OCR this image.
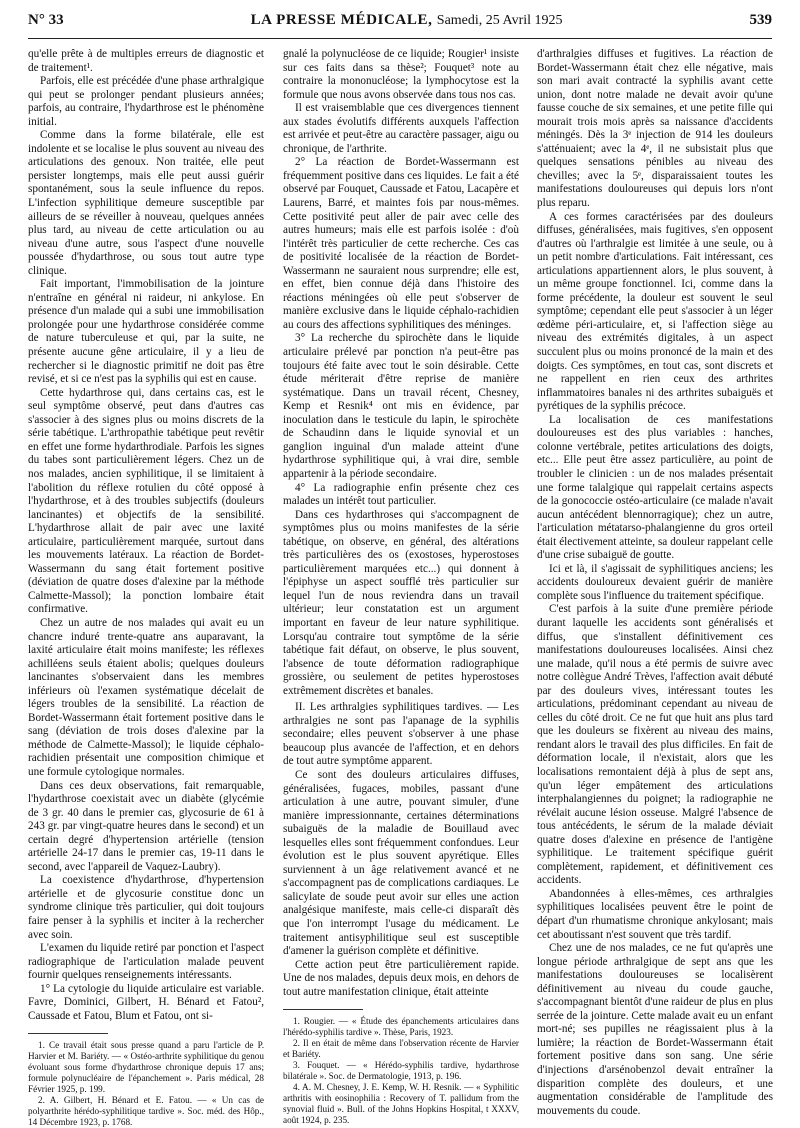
N° 33	LA PRESSE MÉDICALE, Samedi, 25 Avril 1925	539

qu'elle prête à de multiples erreurs de diagnostic et de traitement¹.

Parfois, elle est précédée d'une phase arthralgique qui peut se prolonger pendant plusieurs années; parfois, au contraire, l'hydarthrose est le phénomène initial.

Comme dans la forme bilatérale, elle est indolente et se localise le plus souvent au niveau des articulations des genoux. Non traitée, elle peut persister longtemps, mais elle peut aussi guérir spontanément, sous la seule influence du repos. L'infection syphilitique demeure susceptible par ailleurs de se réveiller à nouveau, quelques années plus tard, au niveau de cette articulation ou au niveau d'une autre, sous l'aspect d'une nouvelle poussée d'hydarthrose, ou sous tout autre type clinique.

Fait important, l'immobilisation de la jointure n'entraîne en général ni raideur, ni ankylose. En présence d'un malade qui a subi une immobilisation prolongée pour une hydarthrose considérée comme de nature tuberculeuse et qui, par la suite, ne présente aucune gêne articulaire, il y a lieu de rechercher si le diagnostic primitif ne doit pas être revisé, et si ce n'est pas la syphilis qui est en cause.

Cette hydarthrose qui, dans certains cas, est le seul symptôme observé, peut dans d'autres cas s'associer à des signes plus ou moins discrets de la série tabétique. L'arthropathie tabétique peut revêtir en effet une forme hydarthrodiale. Parfois les signes du tabes sont particulièrement légers. Chez un de nos malades, ancien syphilitique, il se limitaient à l'abolition du réflexe rotulien du côté opposé à l'hydarthrose, et à des troubles subjectifs (douleurs lancinantes) et objectifs de la sensibilité. L'hydarthrose allait de pair avec une laxité articulaire, particulièrement marquée, surtout dans les mouvements latéraux. La réaction de Bordet-Wassermann du sang était fortement positive (déviation de quatre doses d'alexine par la méthode Calmette-Massol); la ponction lombaire était confirmative.

Chez un autre de nos malades qui avait eu un chancre induré trente-quatre ans auparavant, la laxité articulaire était moins manifeste; les réflexes achilléens seuls étaient abolis; quelques douleurs lancinantes s'observaient dans les membres inférieurs où l'examen systématique décelait de légers troubles de la sensibilité. La réaction de Bordet-Wassermann était fortement positive dans le sang (déviation de trois doses d'alexine par la méthode de Calmette-Massol); le liquide céphalo-rachidien présentait une composition chimique et une formule cytologique normales.

Dans ces deux observations, fait remarquable, l'hydarthrose coexistait avec un diabète (glycémie de 3 gr. 40 dans le premier cas, glycosurie de 61 à 243 gr. par vingt-quatre heures dans le second) et un certain degré d'hypertension artérielle (tension artérielle 24-17 dans le premier cas, 19-11 dans le second, avec l'appareil de Vaquez-Laubry).

La coexistence d'hydarthrose, d'hypertension artérielle et de glycosurie constitue donc un syndrome clinique très particulier, qui doit toujours faire penser à la syphilis et inciter à la rechercher avec soin.

L'examen du liquide retiré par ponction et l'aspect radiographique de l'articulation malade peuvent fournir quelques renseignements intéressants.

1° La cytologie du liquide articulaire est variable. Favre, Dominici, Gilbert, H. Bénard et Fatou², Caussade et Fatou, Blum et Fatou, ont si-

1. Ce travail était sous presse quand a paru l'article de P. Harvier et M. Bariéty. — « Ostéo-arthrite syphilitique du genou évoluant sous forme d'hydarthrose chronique depuis 17 ans; formule polynucléaire de l'épanchement ». Paris médical, 28 Février 1925, p. 199.

2. A. Gilbert, H. Bénard et E. Fatou. — « Un cas de polyarthrite hérédo-syphilitique tardive ». Soc. méd. des Hôp., 14 Décembre 1923, p. 1768.

gnalé la polynucléose de ce liquide; Rougier¹ insiste sur ces faits dans sa thèse²; Fouquet³ note au contraire la mononucléose; la lymphocytose est la formule que nous avons observée dans tous nos cas.

Il est vraisemblable que ces divergences tiennent aux stades évolutifs différents auxquels l'affection est arrivée et peut-être au caractère passager, aigu ou chronique, de l'arthrite.

2° La réaction de Bordet-Wassermann est fréquemment positive dans ces liquides. Le fait a été observé par Fouquet, Caussade et Fatou, Lacapère et Laurens, Barré, et maintes fois par nous-mêmes. Cette positivité peut aller de pair avec celle des autres humeurs; mais elle est parfois isolée : d'où l'intérêt très particulier de cette recherche. Ces cas de positivité localisée de la réaction de Bordet-Wassermann ne sauraient nous surprendre; elle est, en effet, bien connue déjà dans l'histoire des réactions méningées où elle peut s'observer de manière exclusive dans le liquide céphalo-rachidien au cours des affections syphilitiques des méninges.

3° La recherche du spirochète dans le liquide articulaire prélevé par ponction n'a peut-être pas toujours été faite avec tout le soin désirable. Cette étude mériterait d'être reprise de manière systématique. Dans un travail récent, Chesney, Kemp et Resnik⁴ ont mis en évidence, par inoculation dans le testicule du lapin, le spirochète de Schaudinn dans le liquide synovial et un ganglion inguinal d'un malade atteint d'une hydarthrose syphilitique qui, à vrai dire, semble appartenir à la période secondaire.

4° La radiographie enfin présente chez ces malades un intérêt tout particulier.

Dans ces hydarthroses qui s'accompagnent de symptômes plus ou moins manifestes de la série tabétique, on observe, en général, des altérations très particulières des os (exostoses, hyperostoses particulièrement marquées etc...) qui donnent à l'épiphyse un aspect soufflé très particulier sur lequel l'un de nous reviendra dans un travail ultérieur; leur constatation est un argument important en faveur de leur nature syphilitique. Lorsqu'au contraire tout symptôme de la série tabétique fait défaut, on observe, le plus souvent, l'absence de toute déformation radiographique grossière, ou seulement de petites hyperostoses extrêmement discrètes et banales.

II. Les arthralgies syphilitiques tardives. — Les arthralgies ne sont pas l'apanage de la syphilis secondaire; elles peuvent s'observer à une phase beaucoup plus avancée de l'affection, et en dehors de tout autre symptôme apparent.

Ce sont des douleurs articulaires diffuses, généralisées, fugaces, mobiles, passant d'une articulation à une autre, pouvant simuler, d'une manière impressionnante, certaines déterminations subaiguës de la maladie de Bouillaud avec lesquelles elles sont fréquemment confondues. Leur évolution est le plus souvent apyrétique. Elles surviennent à un âge relativement avancé et ne s'accompagnent pas de complications cardiaques. Le salicylate de soude peut avoir sur elles une action analgésique manifeste, mais celle-ci disparaît dès que l'on interrompt l'usage du médicament. Le traitement antisyphilitique seul est susceptible d'amener la guérison complète et définitive.

Cette action peut être particulièrement rapide. Une de nos malades, depuis deux mois, en dehors de tout autre manifestation clinique, était atteinte

1. Rougier. — « Étude des épanchements articulaires dans l'hérédo-syphilis tardive ». Thèse, Paris, 1923.

2. Il en était de même dans l'observation récente de Harvier et Bariéty.

3. Fouquet. — « Hérédo-syphilis tardive, hydarthrose bilatérale ». Soc. de Dermatologie, 1913, p. 196.

4. A. M. Chesney, J. E. Kemp, W. H. Resnik. — « Syphilitic arthritis with eosinophilia : Recovery of T. pallidum from the synovial fluid ». Bull. of the Johns Hopkins Hospital, t XXXV, août 1924, p. 235.

d'arthralgies diffuses et fugitives. La réaction de Bordet-Wassermann était chez elle négative, mais son mari avait contracté la syphilis avant cette union, dont notre malade ne devait avoir qu'une fausse couche de six semaines, et une petite fille qui mourait trois mois après sa naissance d'accidents méningés. Dès la 3ᵉ injection de 914 les douleurs s'atténuaient; avec la 4ᵉ, il ne subsistait plus que quelques sensations pénibles au niveau des chevilles; avec la 5ᵉ, disparaissaient toutes les manifestations douloureuses qui depuis lors n'ont plus reparu.

A ces formes caractérisées par des douleurs diffuses, généralisées, mais fugitives, s'en opposent d'autres où l'arthralgie est limitée à une seule, ou à un petit nombre d'articulations. Fait intéressant, ces articulations appartiennent alors, le plus souvent, à un même groupe fonctionnel. Ici, comme dans la forme précédente, la douleur est souvent le seul symptôme; cependant elle peut s'associer à un léger œdème péri-articulaire, et, si l'affection siège au niveau des extrémités digitales, à un aspect succulent plus ou moins prononcé de la main et des doigts. Ces symptômes, en tout cas, sont discrets et ne rappellent en rien ceux des arthrites inflammatoires banales ni des arthrites subaiguës et pyrétiques de la syphilis précoce.

La localisation de ces manifestations douloureuses est des plus variables : hanches, colonne vertébrale, petites articulations des doigts, etc... Elle peut être assez particulière, au point de troubler le clinicien : un de nos malades présentait une forme talalgique qui rappelait certains aspects de la gonococcie ostéo-articulaire (ce malade n'avait aucun antécédent blennorragique); chez un autre, l'articulation métatarso-phalangienne du gros orteil était électivement atteinte, sa douleur rappelant celle d'une crise subaiguë de goutte.

Ici et là, il s'agissait de syphilitiques anciens; les accidents douloureux devaient guérir de manière complète sous l'influence du traitement spécifique.

C'est parfois à la suite d'une première période durant laquelle les accidents sont généralisés et diffus, que s'installent définitivement ces manifestations douloureuses localisées. Ainsi chez une malade, qu'il nous a été permis de suivre avec notre collègue André Trèves, l'affection avait débuté par des douleurs vives, intéressant toutes les articulations, prédominant cependant au niveau de celles du côté droit. Ce ne fut que huit ans plus tard que les douleurs se fixèrent au niveau des mains, rendant alors le travail des plus difficiles. En fait de déformation locale, il n'existait, alors que les localisations remontaient déjà à plus de sept ans, qu'un léger empâtement des articulations interphalangiennes du poignet; la radiographie ne révélait aucune lésion osseuse. Malgré l'absence de tous antécédents, le sérum de la malade déviait quatre doses d'alexine en présence de l'antigène syphilitique. Le traitement spécifique guérit complètement, rapidement, et définitivement ces accidents.

Abandonnées à elles-mêmes, ces arthralgies syphilitiques localisées peuvent être le point de départ d'un rhumatisme chronique ankylosant; mais cet aboutissant n'est souvent que très tardif.

Chez une de nos malades, ce ne fut qu'après une longue période arthralgique de sept ans que les manifestations douloureuses se localisèrent définitivement au niveau du coude gauche, s'accompagnant bientôt d'une raideur de plus en plus serrée de la jointure. Cette malade avait eu un enfant mort-né; ses pupilles ne réagissaient plus à la lumière; la réaction de Bordet-Wassermann était fortement positive dans son sang. Une série d'injections d'arsénobenzol devait entraîner la disparition complète des douleurs, et une augmentation considérable de l'amplitude des mouvements du coude.
